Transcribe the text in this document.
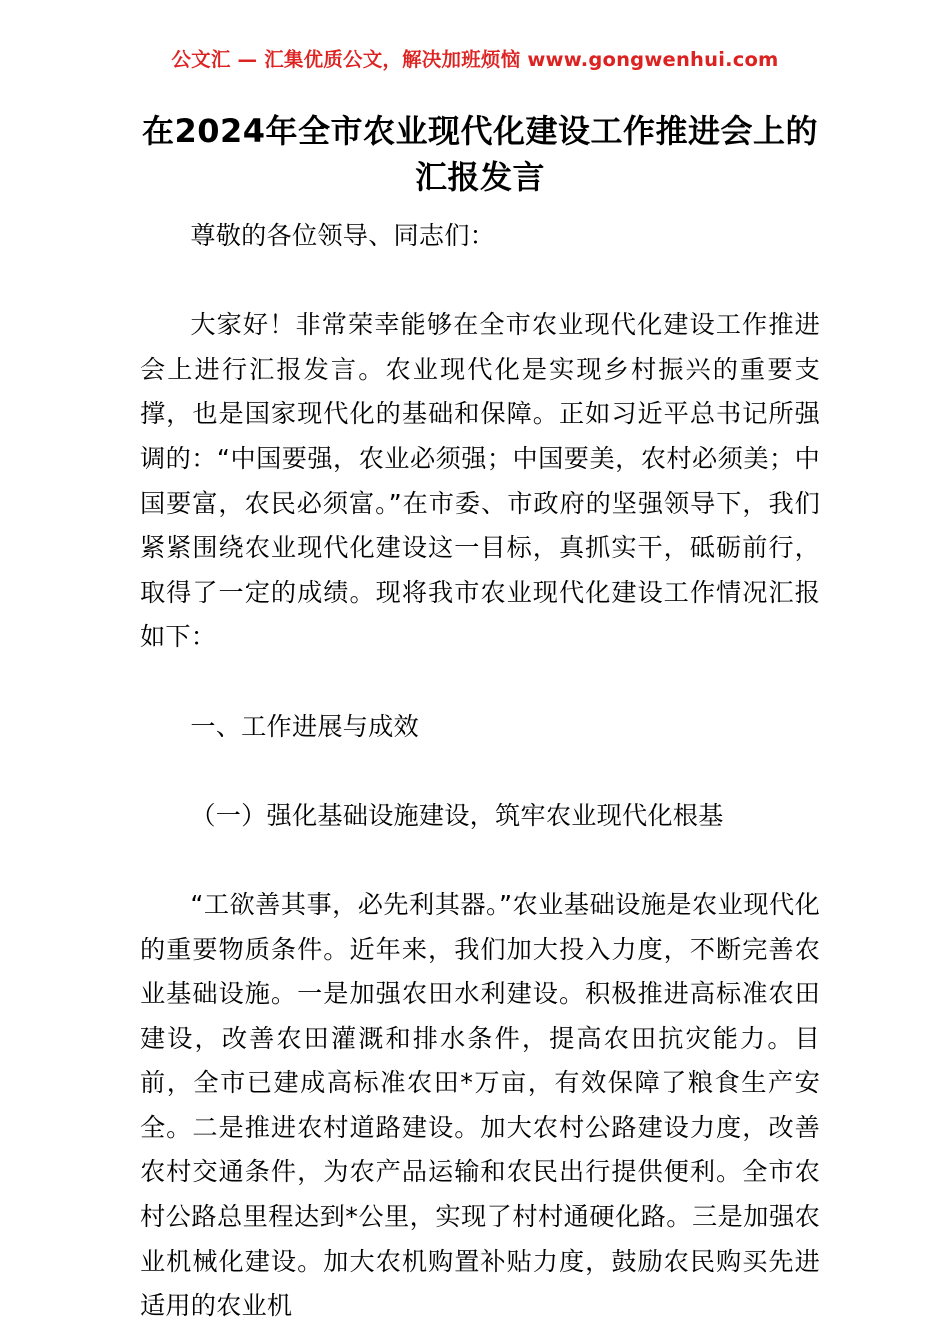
公文汇 — 汇集优质公文，解决加班烦恼 www.gongwenhui.com
在2024年全市农业现代化建设工作推进会上的汇报发言

尊敬的各位领导、同志们：

大家好！非常荣幸能够在全市农业现代化建设工作推进会上进行汇报发言。农业现代化是实现乡村振兴的重要支撑，也是国家现代化的基础和保障。正如习近平总书记所强调的：“中国要强，农业必须强；中国要美，农村必须美；中国要富，农民必须富。”在市委、市政府的坚强领导下，我们紧紧围绕农业现代化建设这一目标，真抓实干，砥砺前行，取得了一定的成绩。现将我市农业现代化建设工作情况汇报如下：

一、工作进展与成效

（一）强化基础设施建设，筑牢农业现代化根基

“工欲善其事，必先利其器。”农业基础设施是农业现代化的重要物质条件。近年来，我们加大投入力度，不断完善农业基础设施。一是加强农田水利建设。积极推进高标准农田建设，改善农田灌溉和排水条件，提高农田抗灾能力。目前，全市已建成高标准农田*万亩，有效保障了粮食生产安全。二是推进农村道路建设。加大农村公路建设力度，改善农村交通条件，为农产品运输和农民出行提供便利。全市农村公路总里程达到*公里，实现了村村通硬化路。三是加强农业机械化建设。加大农机购置补贴力度，鼓励农民购买先进适用的农业机
